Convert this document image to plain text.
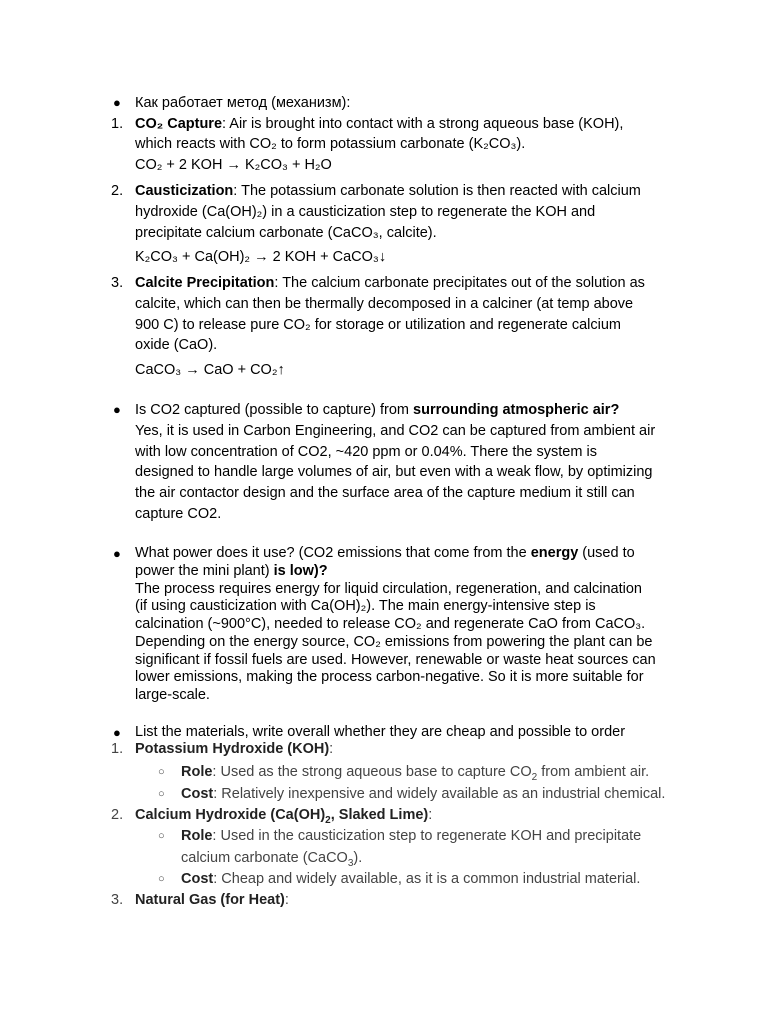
● Как работает метод (механизм):
1. CO₂ Capture: Air is brought into contact with a strong aqueous base (KOH),
which reacts with CO₂ to form potassium carbonate (K₂CO₃).
CO₂ + 2 KOH → K₂CO₃ + H₂O
2. Causticization: The potassium carbonate solution is then reacted with calcium
hydroxide (Ca(OH)₂) in a causticization step to regenerate the KOH and
precipitate calcium carbonate (CaCO₃, calcite).
K₂CO₃ + Ca(OH)₂ → 2 KOH + CaCO₃↓
3. Calcite Precipitation: The calcium carbonate precipitates out of the solution as
calcite, which can then be thermally decomposed in a calciner (at temp above
900 C) to release pure CO₂ for storage or utilization and regenerate calcium
oxide (CaO).
CaCO₃ → CaO + CO₂↑
● Is CO2 captured (possible to capture) from surrounding atmospheric air?
Yes, it is used in Carbon Engineering, and CO2 can be captured from ambient air
with low concentration of CO2, ~420 ppm or 0.04%. There the system is
designed to handle large volumes of air, but even with a weak flow, by optimizing
the air contactor design and the surface area of the capture medium it still can
capture CO2.
● What power does it use? (CO2 emissions that come from the energy (used to
power the mini plant) is low)?
The process requires energy for liquid circulation, regeneration, and calcination
(if using causticization with Ca(OH)₂). The main energy-intensive step is
calcination (~900°C), needed to release CO₂ and regenerate CaO from CaCO₃.
Depending on the energy source, CO₂ emissions from powering the plant can be
significant if fossil fuels are used. However, renewable or waste heat sources can
lower emissions, making the process carbon-negative. So it is more suitable for
large-scale.
● List the materials, write overall whether they are cheap and possible to order
1. Potassium Hydroxide (KOH):
○ Role: Used as the strong aqueous base to capture $CO_2$ from ambient air.
○ Cost: Relatively inexpensive and widely available as an industrial chemical.
2. Calcium Hydroxide ($Ca(OH)_2$, Slaked Lime):
○ Role: Used in the causticization step to regenerate KOH and precipitate
calcium carbonate (CaCO$_3$).
○ Cost: Cheap and widely available, as it is a common industrial material.
3. Natural Gas (for Heat):
